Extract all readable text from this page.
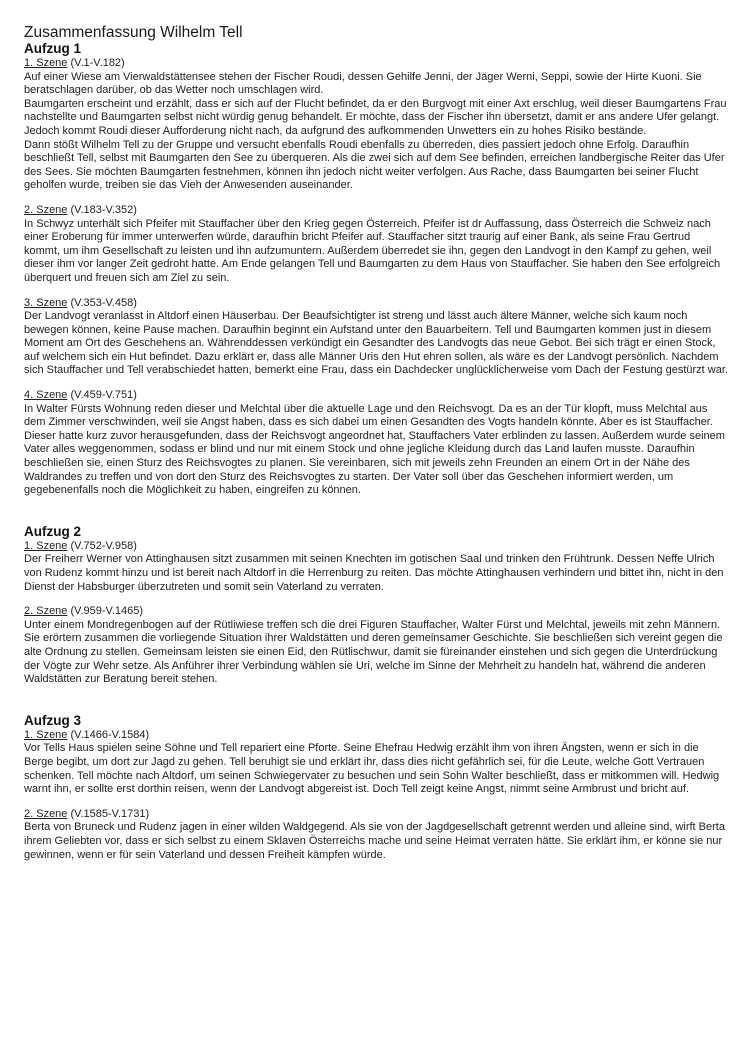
Zusammenfassung Wilhelm Tell
Aufzug 1

1. Szene (V.1-V.182)

Auf einer Wiese am Vierwaldstättensee stehen der Fischer Roudi, dessen Gehilfe Jenni, der Jäger Werni, Seppi, sowie der Hirte Kuoni. Sie beratschlagen darüber, ob das Wetter noch umschlagen wird.

Baumgarten erscheint und erzählt, dass er sich auf der Flucht befindet, da er den Burgvogt mit einer Axt erschlug, weil dieser Baumgartens Frau nachstellte und Baumgarten selbst nicht würdig genug behandelt. Er möchte, dass der Fischer ihn übersetzt, damit er ans andere Ufer gelangt. Jedoch kommt Roudi dieser Aufforderung nicht nach, da aufgrund des aufkommenden Unwetters ein zu hohes Risiko bestände.

Dann stößt Wilhelm Tell zu der Gruppe und versucht ebenfalls Roudi ebenfalls zu überreden, dies passiert jedoch ohne Erfolg. Daraufhin beschließt Tell, selbst mit Baumgarten den See zu überqueren. Als die zwei sich auf dem See befinden, erreichen landbergische Reiter das Ufer des Sees. Sie möchten Baumgarten festnehmen, können ihn jedoch nicht weiter verfolgen. Aus Rache, dass Baumgarten bei seiner Flucht geholfen wurde, treiben sie das Vieh der Anwesenden auseinander.

2. Szene (V.183-V.352)

In Schwyz unterhält sich Pfeifer mit Stauffacher über den Krieg gegen Österreich. Pfeifer ist dr Auffassung, dass Österreich die Schweiz nach einer Eroberung für immer unterwerfen würde, daraufhin bricht Pfeifer auf. Stauffacher sitzt traurig auf einer Bank, als seine Frau Gertrud kommt, um ihm Gesellschaft zu leisten und ihn aufzumuntern. Außerdem überredet sie ihn, gegen den Landvogt in den Kampf zu gehen, weil dieser ihm vor langer Zeit gedroht hatte. Am Ende gelangen Tell und Baumgarten zu dem Haus von Stauffacher. Sie haben den See erfolgreich überquert und freuen sich am Ziel zu sein.

3. Szene (V.353-V.458)

Der Landvogt veranlasst in Altdorf einen Häuserbau. Der Beaufsichtigter ist streng und lässt auch ältere Männer, welche sich kaum noch bewegen können, keine Pause machen. Daraufhin beginnt ein Aufstand unter den Bauarbeitern. Tell und Baumgarten kommen just in diesem Moment am Ort des Geschehens an. Währenddessen verkündigt ein Gesandter des Landvogts das neue Gebot. Bei sich trägt er einen Stock, auf welchem sich ein Hut befindet. Dazu erklärt er, dass alle Männer Uris den Hut ehren sollen, als wäre es der Landvogt persönlich. Nachdem sich Stauffacher und Tell verabschiedet hatten, bemerkt eine Frau, dass ein Dachdecker unglücklicherweise vom Dach der Festung gestürzt war.

4. Szene (V.459-V.751)

In Walter Fürsts Wohnung reden dieser und Melchtal über die aktuelle Lage und den Reichsvogt. Da es an der Tür klopft, muss Melchtal aus dem Zimmer verschwinden, weil sie Angst haben, dass es sich dabei um einen Gesandten des Vogts handeln könnte. Aber es ist Stauffacher. Dieser hatte kurz zuvor herausgefunden, dass der Reichsvogt angeordnet hat, Stauffachers Vater erblinden zu lassen. Außerdem wurde seinem Vater alles weggenommen, sodass er blind und nur mit einem Stock und ohne jegliche Kleidung durch das Land laufen musste. Daraufhin beschließen sie, einen Sturz des Reichsvogtes zu planen. Sie vereinbaren, sich mit jeweils zehn Freunden an einem Ort in der Nähe des Waldrandes zu treffen und von dort den Sturz des Reichsvogtes zu starten. Der Vater soll über das Geschehen informiert werden, um gegebenenfalls noch die Möglichkeit zu haben, eingreifen zu können.

Aufzug 2

1. Szene (V.752-V.958)

Der Freiherr Werner von Attinghausen sitzt zusammen mit seinen Knechten im gotischen Saal und trinken den Frühtrunk. Dessen Neffe Ulrich von Rudenz kommt hinzu und ist bereit nach Altdorf in die Herrenburg zu reiten. Das möchte Attinghausen verhindern und bittet ihn, nicht in den Dienst der Habsburger überzutreten und somit sein Vaterland zu verraten.

2. Szene (V.959-V.1465)

Unter einem Mondregenbogen auf der Rütliwiese treffen sch die drei Figuren Stauffacher, Walter Fürst und Melchtal, jeweils mit zehn Männern. Sie erörtern zusammen die vorliegende Situation ihrer Waldstätten und deren gemeinsamer Geschichte. Sie beschließen sich vereint gegen die alte Ordnung zu stellen. Gemeinsam leisten sie einen Eid, den Rütlischwur, damit sie füreinander einstehen und sich gegen die Unterdrückung der Vögte zur Wehr setze. Als Anführer ihrer Verbindung wählen sie Uri, welche im Sinne der Mehrheit zu handeln hat, während die anderen Waldstätten zur Beratung bereit stehen.

Aufzug 3

1. Szene (V.1466-V.1584)

Vor Tells Haus spielen seine Söhne und Tell repariert eine Pforte. Seine Ehefrau Hedwig erzählt ihm von ihren Ängsten, wenn er sich in die Berge begibt, um dort zur Jagd zu gehen. Tell beruhigt sie und erklärt ihr, dass dies nicht gefährlich sei, für die Leute, welche Gott Vertrauen schenken. Tell möchte nach Altdorf, um seinen Schwiegervater zu besuchen und sein Sohn Walter beschließt, dass er mitkommen will. Hedwig warnt ihn, er sollte erst dorthin reisen, wenn der Landvogt abgereist ist. Doch Tell zeigt keine Angst, nimmt seine Armbrust und bricht auf.

2. Szene (V.1585-V.1731)

Berta von Bruneck und Rudenz jagen in einer wilden Waldgegend. Als sie von der Jagdgesellschaft getrennt werden und alleine sind, wirft Berta ihrem Geliebten vor, dass er sich selbst zu einem Sklaven Österreichs mache und seine Heimat verraten hätte. Sie erklärt ihm, er könne sie nur gewinnen, wenn er für sein Vaterland und dessen Freiheit kämpfen würde.
